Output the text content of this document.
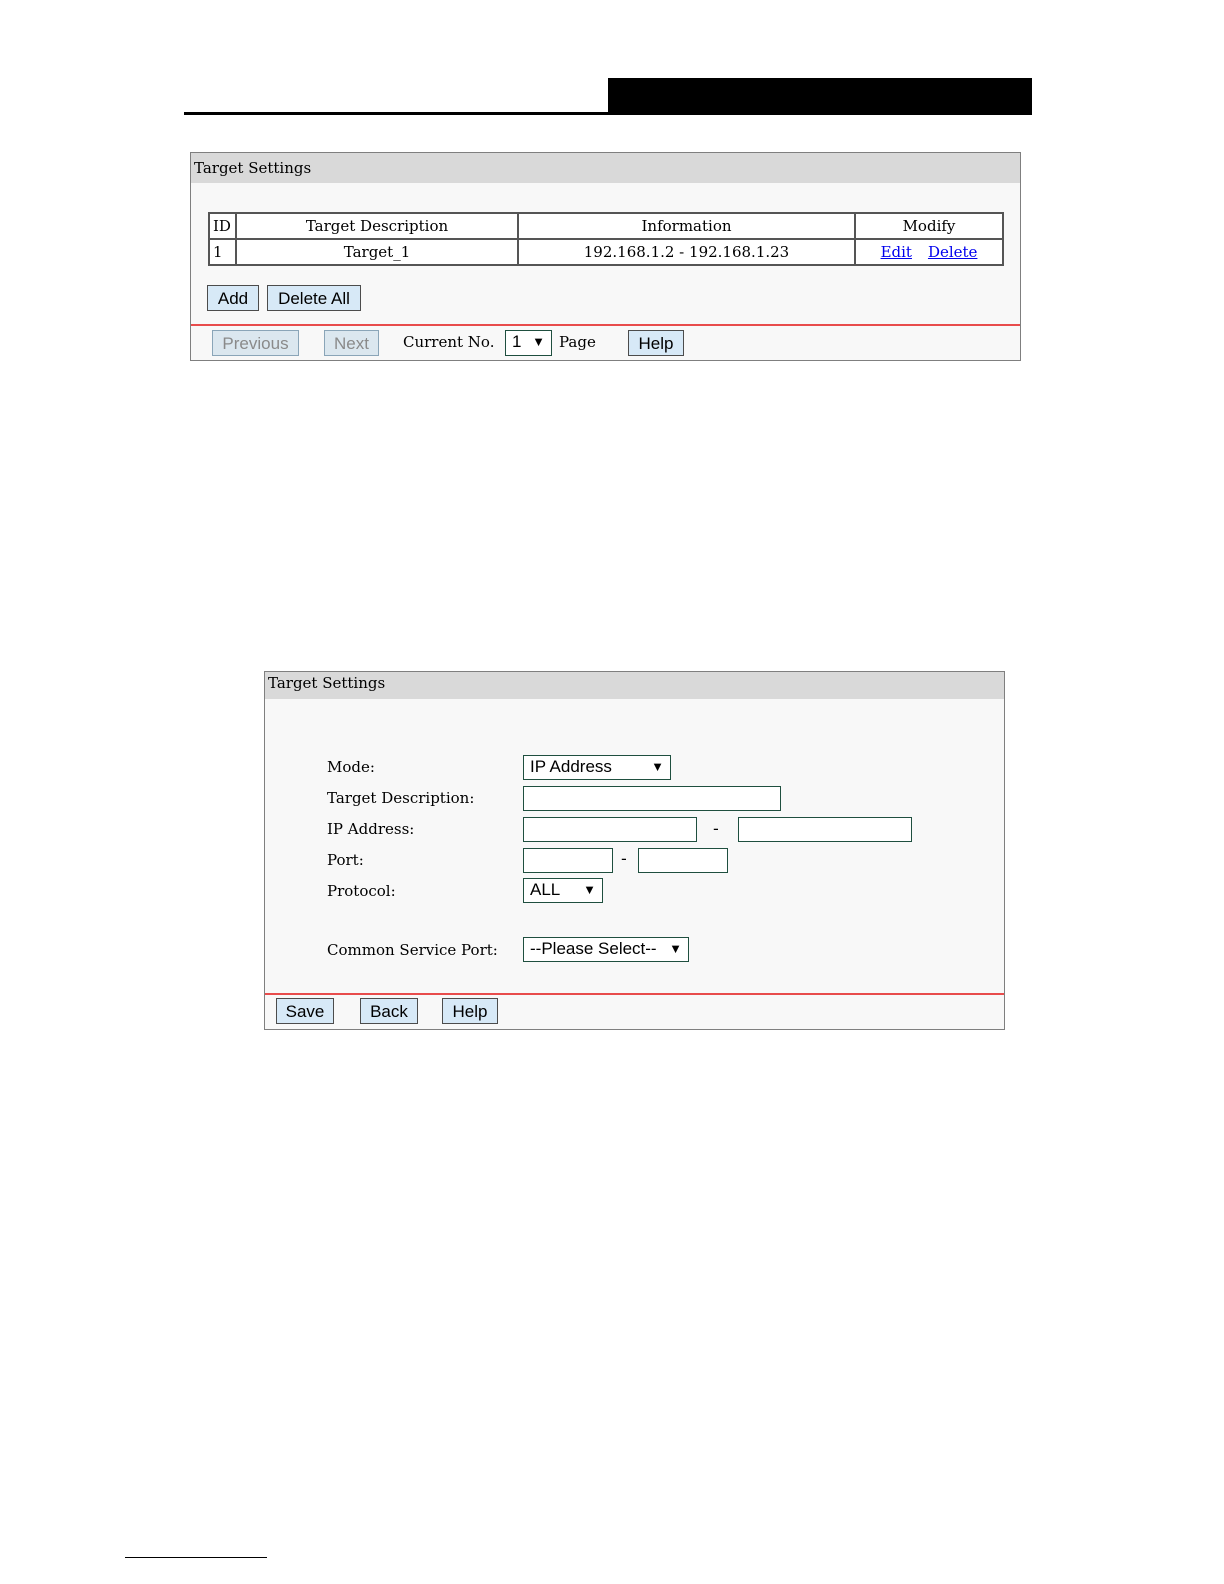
Target Settings
ID	Target Description	Information	Modify
1	Target_1	192.168.1.2 - 192.168.1.23	Edit Delete
Add	Delete All
Previous	Next	Current No.	1 ▼ Page	Help
Target Settings
Mode:	IP Address	▼
Target Description:
IP Address:	-
Port:	-
Protocol:	ALL ▼
Common Service Port:	--Please Select-- ▼
Save	Back	Help
